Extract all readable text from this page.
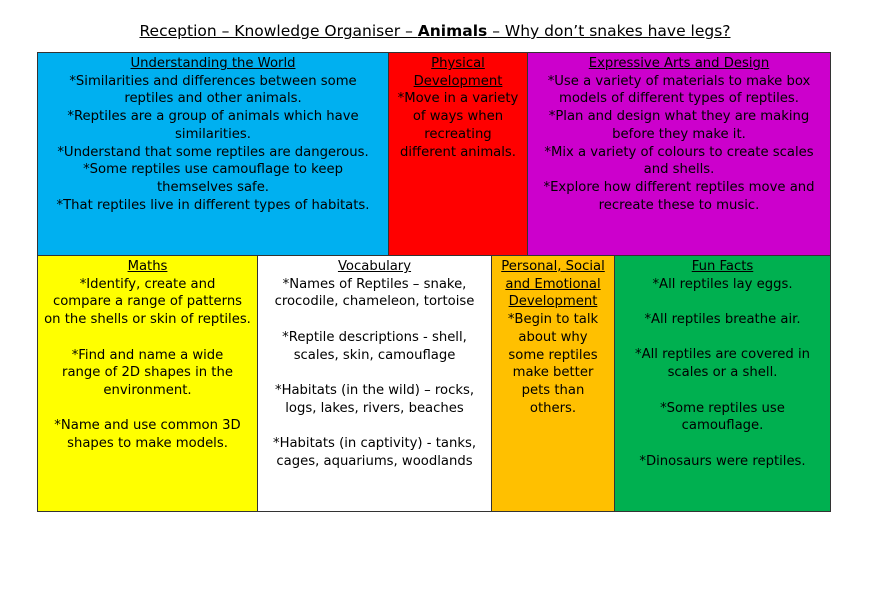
Reception – Knowledge Organiser – Animals – Why don’t snakes have legs?
Understanding the World
*Similarities and differences between some
reptiles and other animals.
*Reptiles are a group of animals which have
similarities.
*Understand that some reptiles are dangerous.
*Some reptiles use camouflage to keep
themselves safe.
*That reptiles live in different types of habitats.
Physical
Development
*Move in a variety
of ways when
recreating
different animals.
Expressive Arts and Design
*Use a variety of materials to make box
models of different types of reptiles.
*Plan and design what they are making
before they make it.
*Mix a variety of colours to create scales
and shells.
*Explore how different reptiles move and
recreate these to music.
Maths
*Identify, create and
compare a range of patterns
on the shells or skin of reptiles.
*Find and name a wide
range of 2D shapes in the
environment.
*Name and use common 3D
shapes to make models.
Vocabulary
*Names of Reptiles – snake,
crocodile, chameleon, tortoise
*Reptile descriptions - shell,
scales, skin, camouflage
*Habitats (in the wild) – rocks,
logs, lakes, rivers, beaches
*Habitats (in captivity) - tanks,
cages, aquariums, woodlands
Personal, Social
and Emotional
Development
*Begin to talk
about why
some reptiles
make better
pets than
others.
Fun Facts
*All reptiles lay eggs.
*All reptiles breathe air.
*All reptiles are covered in
scales or a shell.
*Some reptiles use
camouflage.
*Dinosaurs were reptiles.
